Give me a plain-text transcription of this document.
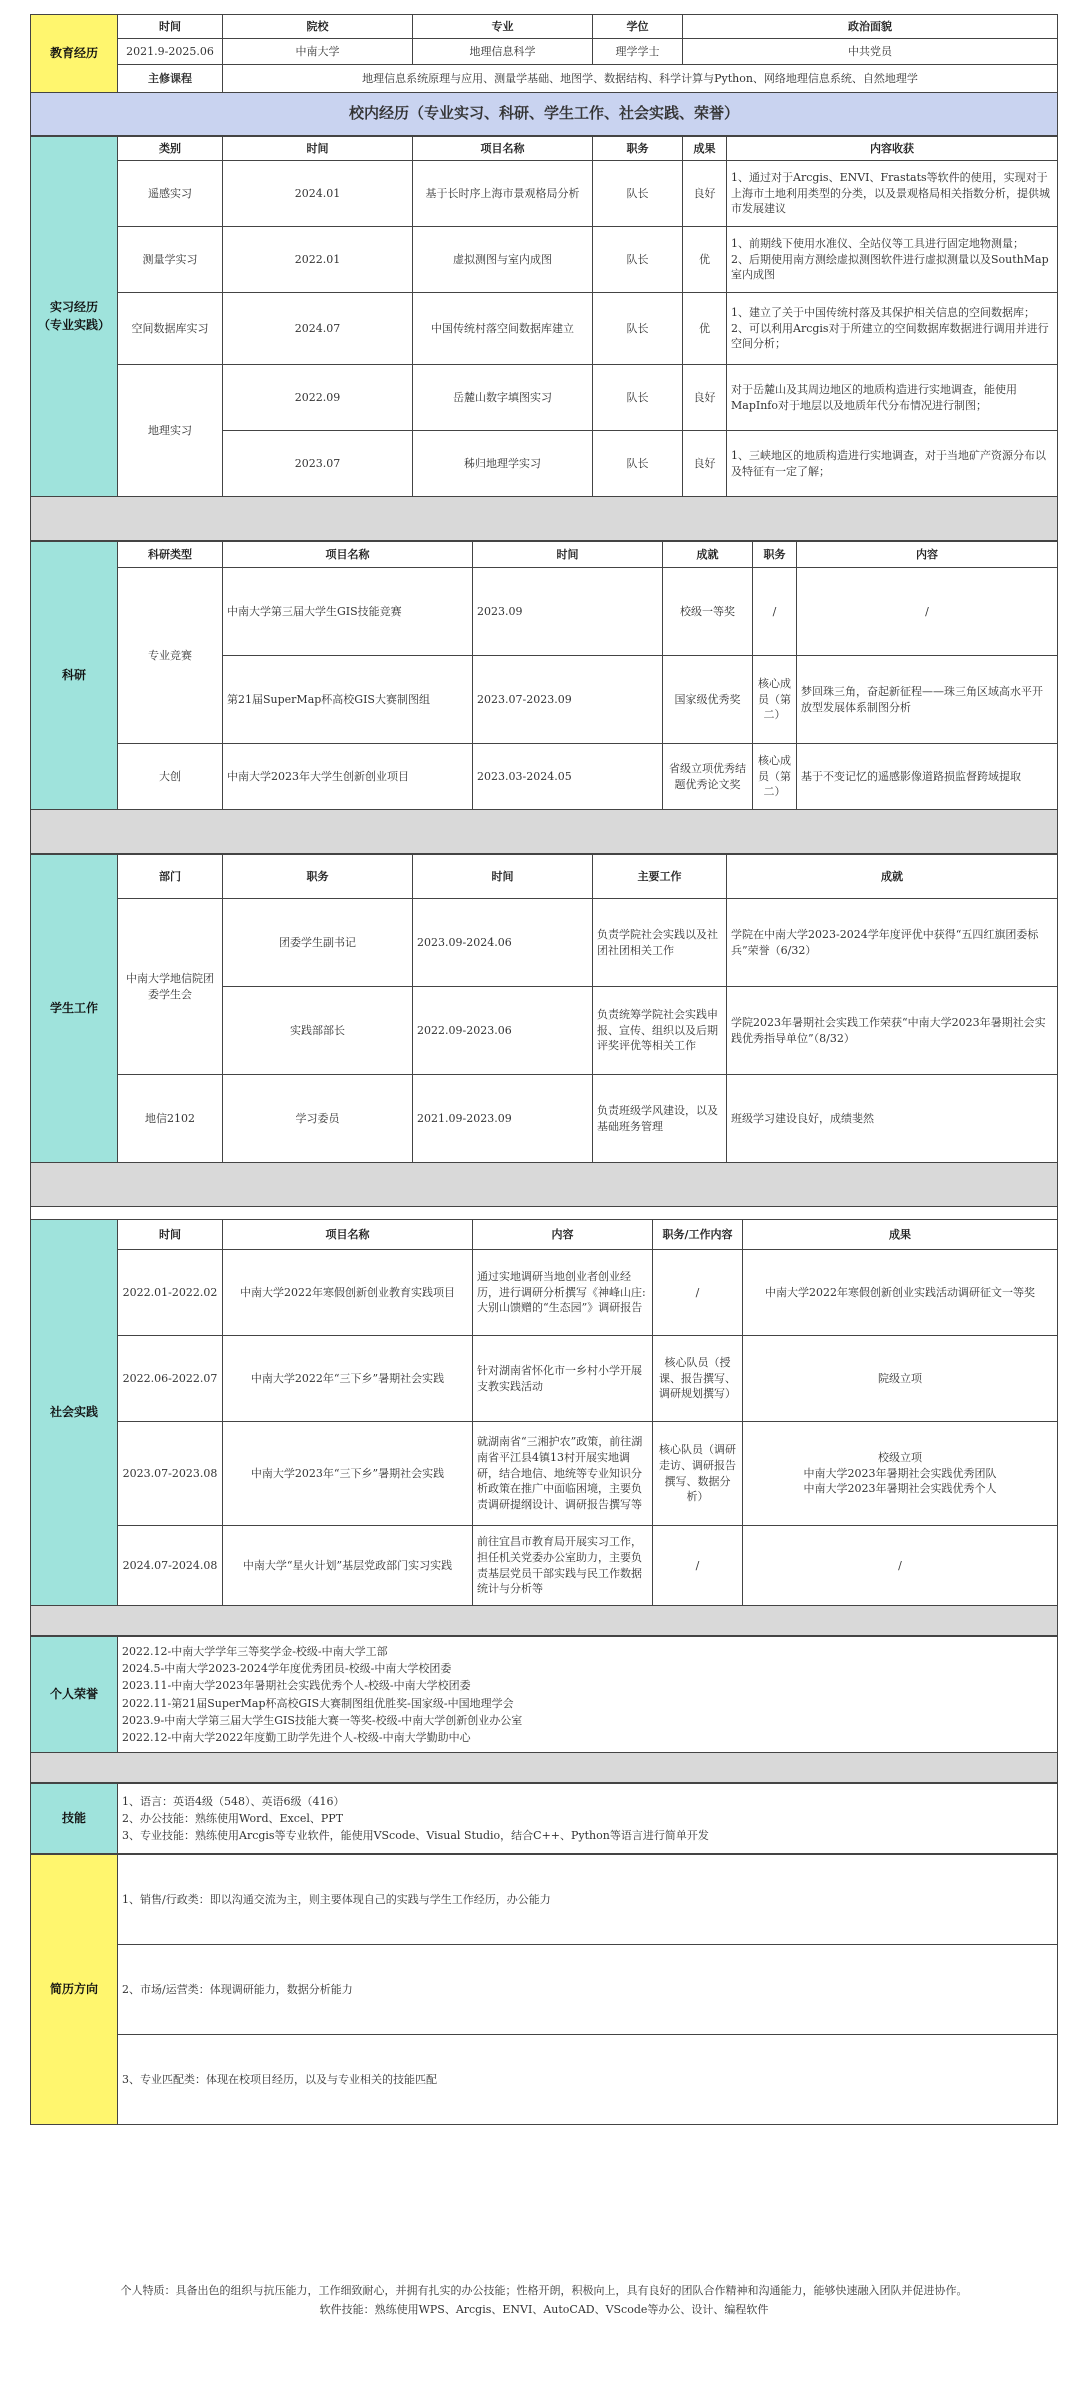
教育经历	时间	院校	专业	学位	政治面貌
	2021.9-2025.06	中南大学	地理信息科学	理学学士	中共党员
	主修课程	地理信息系统原理与应用、测量学基础、地图学、数据结构、科学计算与Python、网络地理信息系统、自然地理学			
校内经历（专业实习、科研、学生工作、社会实践、荣誉）					
实习经历
（专业实践）	类别	时间	项目名称	职务	成果	内容收获
	遥感实习	2024.01	基于长时序上海市景观格局分析	队长	良好	1、通过对于Arcgis、ENVI、Frastats等软件的使用，实现对于上海市土地利用类型的分类，以及景观格局相关指数分析，提供城市发展建议
	测量学实习	2022.01	虚拟测图与室内成图	队长	优	1、前期线下使用水准仪、全站仪等工具进行固定地物测量；
2、后期使用南方测绘虚拟测图软件进行虚拟测量以及SouthMap室内成图
	空间数据库实习	2024.07	中国传统村落空间数据库建立	队长	优	1、建立了关于中国传统村落及其保护相关信息的空间数据库；
2、可以利用Arcgis对于所建立的空间数据库数据进行调用并进行空间分析；
	地理实习	2022.09	岳麓山数字填图实习	队长	良好	对于岳麓山及其周边地区的地质构造进行实地调查，能使用MapInfo对于地层以及地质年代分布情况进行制图；
		2023.07	秭归地理学实习	队长	良好	1、三峡地区的地质构造进行实地调查，对于当地矿产资源分布以及特征有一定了解；

科研	科研类型	项目名称	时间	成就	职务	内容
	专业竞赛	中南大学第三届大学生GIS技能竞赛	2023.09	校级一等奖	/	/
		第21届SuperMap杯高校GIS大赛制图组	2023.07-2023.09	国家级优秀奖	核心成员（第二）	梦回珠三角，奋起新征程——珠三角区域高水平开放型发展体系制图分析
	大创	中南大学2023年大学生创新创业项目	2023.03-2024.05	省级立项优秀结题优秀论文奖	核心成员（第二）	基于不变记忆的遥感影像道路损监督跨域提取

学生工作	部门	职务	时间	主要工作	成就
	中南大学地信院团委学生会	团委学生副书记	2023.09-2024.06	负责学院社会实践以及社团社团相关工作	学院在中南大学2023-2024学年度评优中获得“五四红旗团委标兵”荣誉（6/32）
		实践部部长	2022.09-2023.06	负责统筹学院社会实践申报、宣传、组织以及后期评奖评优等相关工作	学院2023年暑期社会实践工作荣获“中南大学2023年暑期社会实践优秀指导单位”（8/32）
	地信2102	学习委员	2021.09-2023.09	负责班级学风建设，以及基础班务管理	班级学习建设良好，成绩斐然

社会实践	时间	项目名称	内容	职务/工作内容	成果
	2022.01-2022.02	中南大学2022年寒假创新创业教育实践项目	通过实地调研当地创业者创业经历，进行调研分析撰写《神峰山庄:大别山馈赠的“生态园”》调研报告	/	中南大学2022年寒假创新创业实践活动调研征文一等奖
	2022.06-2022.07	中南大学2022年“三下乡”暑期社会实践	针对湖南省怀化市一乡村小学开展支教实践活动	核心队员（授课、报告撰写、调研规划撰写）	院级立项
	2023.07-2023.08	中南大学2023年“三下乡”暑期社会实践	就湖南省“三湘护农”政策，前往湖南省平江县4镇13村开展实地调研，结合地信、地统等专业知识分析政策在推广中面临困境，主要负责调研提纲设计、调研报告撰写等	核心队员（调研走访、调研报告撰写、数据分析）	校级立项
中南大学2023年暑期社会实践优秀团队
中南大学2023年暑期社会实践优秀个人
	2024.07-2024.08	中南大学“星火计划”基层党政部门实习实践	前往宜昌市教育局开展实习工作，担任机关党委办公室助力，主要负责基层党员干部实践与民工作数据统计与分析等	/	/

个人荣誉	

2022.12-中南大学学年三等奖学金-校级-中南大学工部

2024.5-中南大学2023-2024学年度优秀团员-校级-中南大学校团委

2023.11-中南大学2023年暑期社会实践优秀个人-校级-中南大学校团委

2022.11-第21届SuperMap杯高校GIS大赛制图组优胜奖-国家级-中国地理学会

2023.9-中南大学第三届大学生GIS技能大赛一等奖-校级-中南大学创新创业办公室

2022.12-中南大学2022年度勤工助学先进个人-校级-中南大学勤助中心

技能	

1、语言：英语4级（548）、英语6级（416）

2、办公技能：熟练使用Word、Excel、PPT

3、专业技能：熟练使用Arcgis等专业软件，能使用VScode、Visual Studio，结合C++、Python等语言进行简单开发

简历方向	1、销售/行政类：即以沟通交流为主，则主要体现自己的实践与学生工作经历，办公能力
2、市场/运营类：体现调研能力，数据分析能力
3、专业匹配类：体现在校项目经历，以及与专业相关的技能匹配
个人特质：具备出色的组织与抗压能力，工作细致耐心，并拥有扎实的办公技能；性格开朗，积极向上，具有良好的团队合作精神和沟通能力，能够快速融入团队并促进协作。
软件技能：熟练使用WPS、Arcgis、ENVI、AutoCAD、VScode等办公、设计、编程软件
